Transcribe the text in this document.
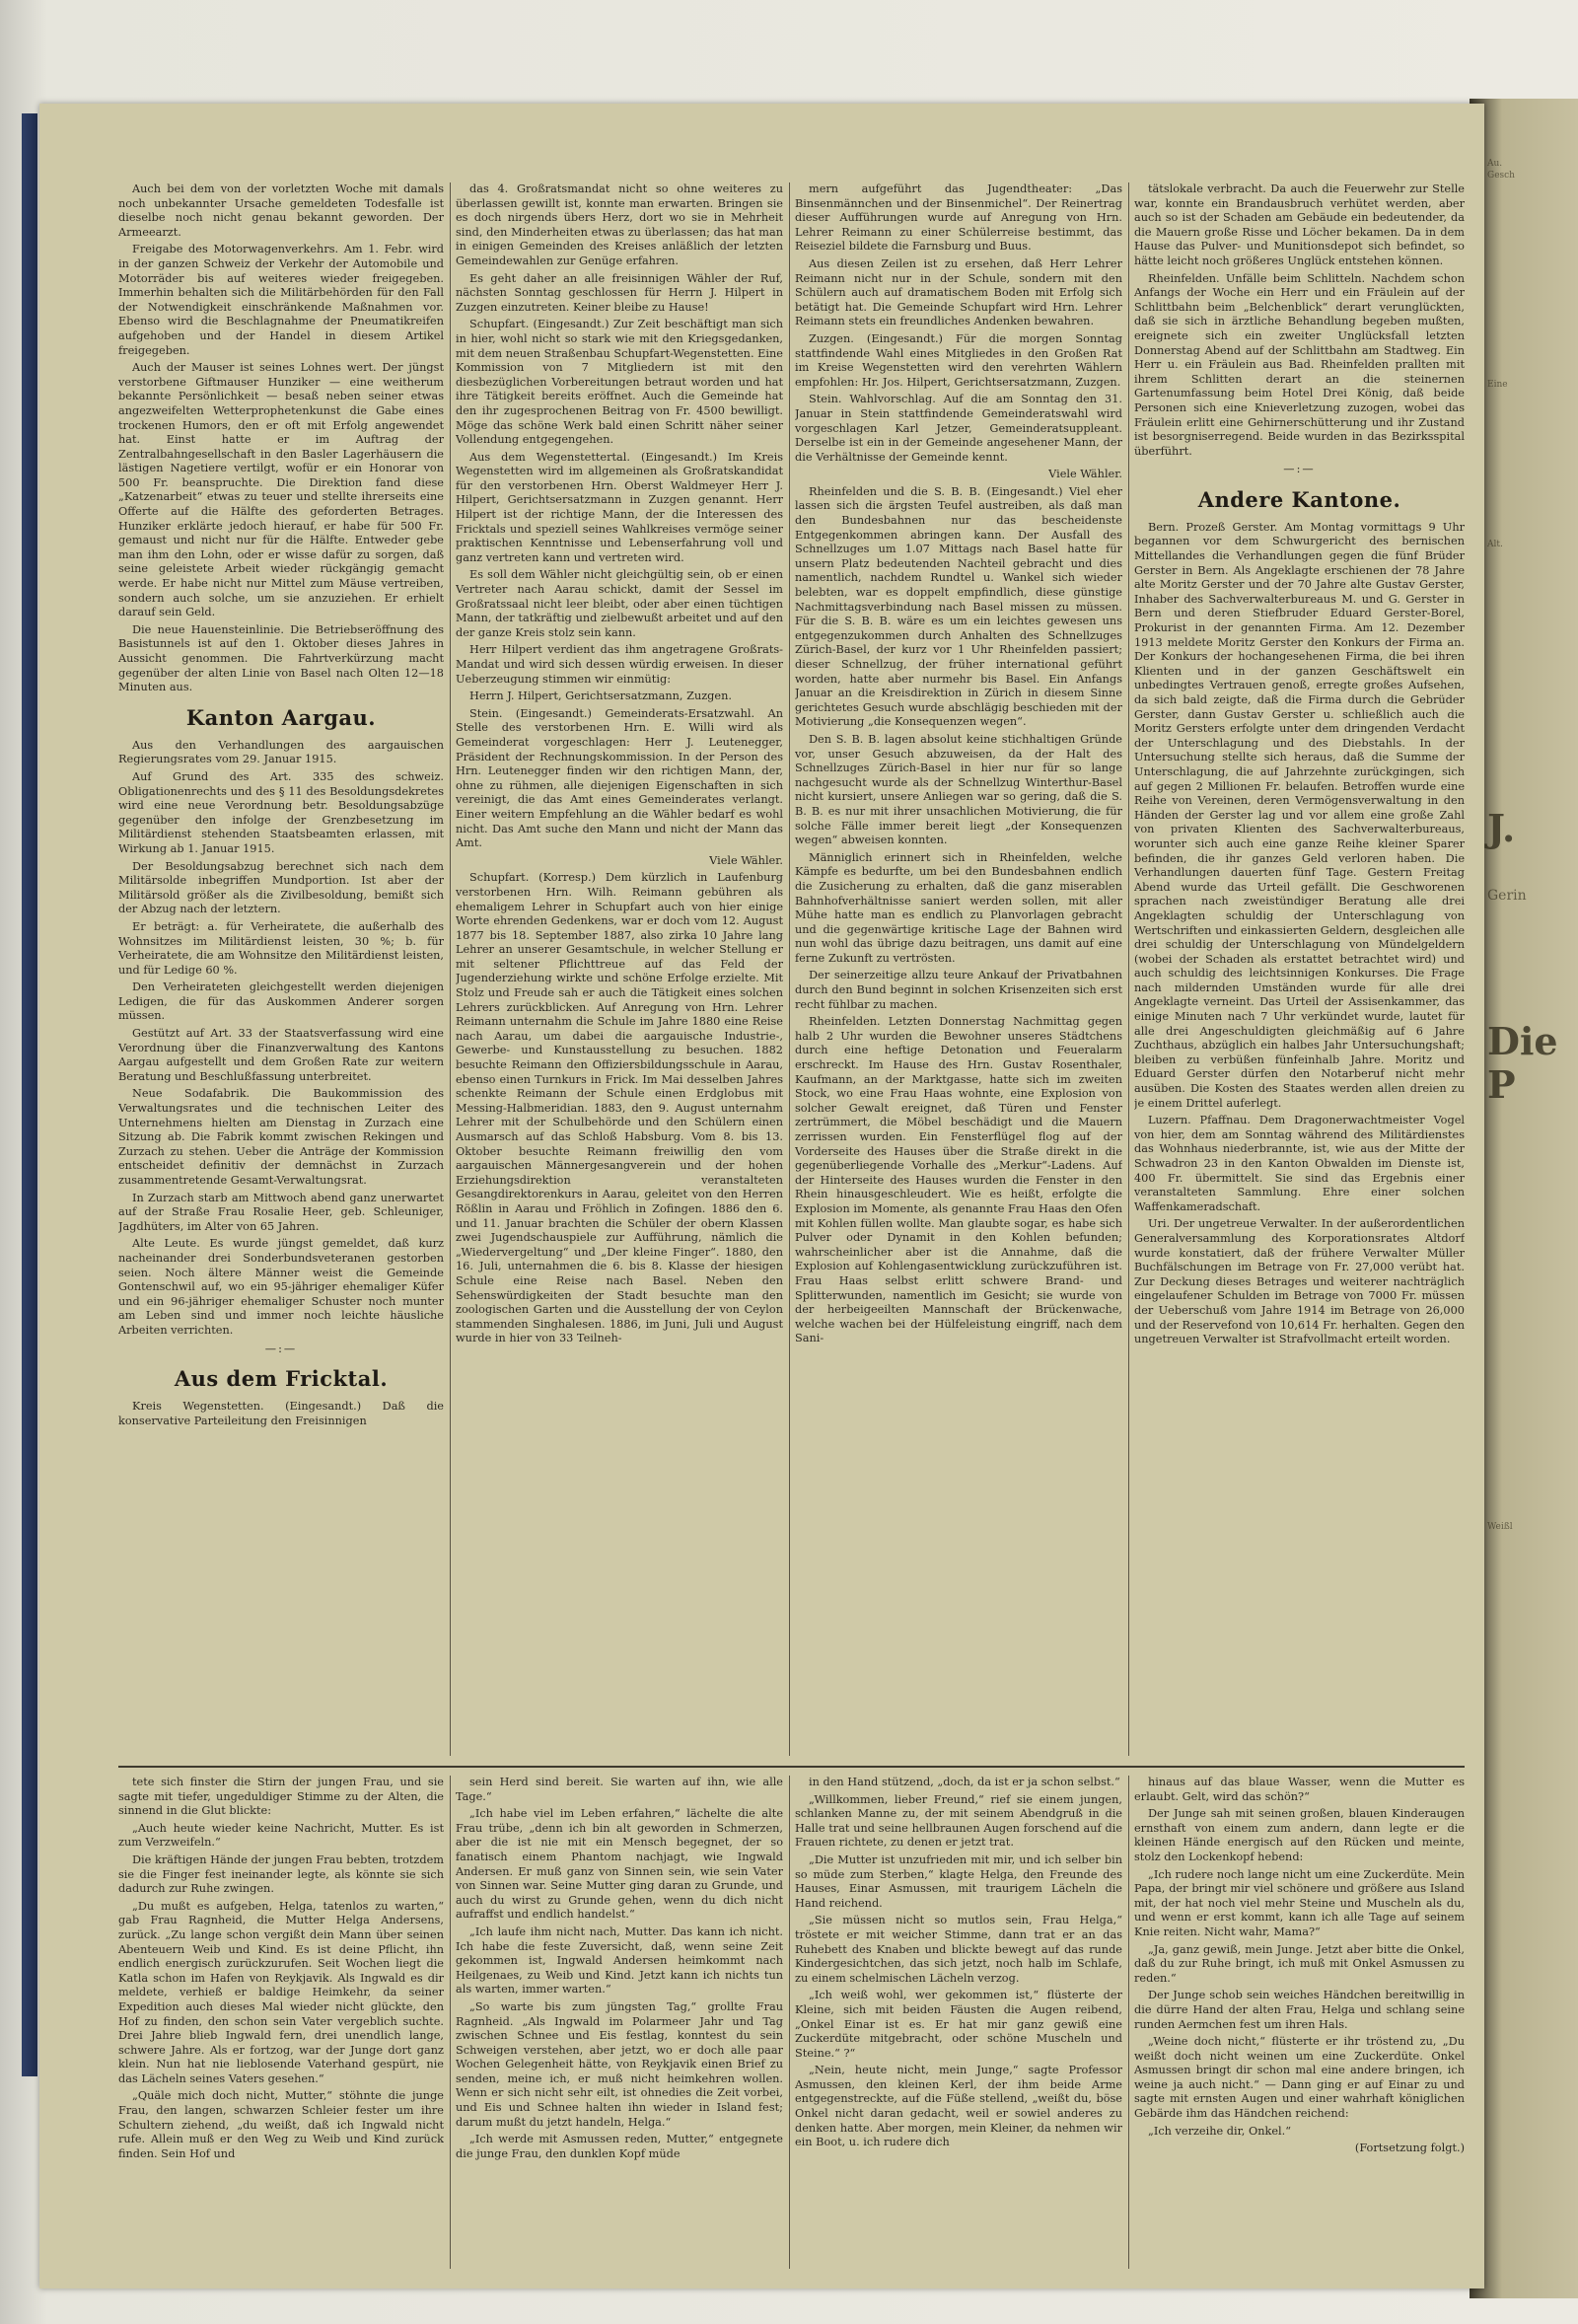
Au.

Gesch

Eine

Alt.

J.

Gerin

Die P

Weißl

Auch bei dem von der vorletzten Woche mit damals noch unbekannter Ursache gemeldeten Todesfalle ist dieselbe noch nicht genau bekannt geworden. Der Armeearzt.

Freigabe des Motorwagenverkehrs. Am 1. Febr. wird in der ganzen Schweiz der Verkehr der Automobile und Motorräder bis auf weiteres wieder freigegeben. Immerhin behalten sich die Militärbehörden für den Fall der Notwendigkeit einschränkende Maßnahmen vor. Ebenso wird die Beschlagnahme der Pneumatikreifen aufgehoben und der Handel in diesem Artikel freigegeben.

Auch der Mauser ist seines Lohnes wert. Der jüngst verstorbene Giftmauser Hunziker — eine weitherum bekannte Persönlichkeit — besaß neben seiner etwas angezweifelten Wetterprophetenkunst die Gabe eines trockenen Humors, den er oft mit Erfolg angewendet hat. Einst hatte er im Auftrag der Zentralbahngesellschaft in den Basler Lagerhäusern die lästigen Nagetiere vertilgt, wofür er ein Honorar von 500 Fr. beanspruchte. Die Direktion fand diese „Katzenarbeit“ etwas zu teuer und stellte ihrerseits eine Offerte auf die Hälfte des geforderten Betrages. Hunziker erklärte jedoch hierauf, er habe für 500 Fr. gemaust und nicht nur für die Hälfte. Entweder gebe man ihm den Lohn, oder er wisse dafür zu sorgen, daß seine geleistete Arbeit wieder rückgängig gemacht werde. Er habe nicht nur Mittel zum Mäuse vertreiben, sondern auch solche, um sie anzuziehen. Er erhielt darauf sein Geld.

Die neue Hauensteinlinie. Die Betriebseröffnung des Basistunnels ist auf den 1. Oktober dieses Jahres in Aussicht genommen. Die Fahrtverkürzung macht gegenüber der alten Linie von Basel nach Olten 12—18 Minuten aus.

Kanton Aargau.

Aus den Verhandlungen des aargauischen Regierungsrates vom 29. Januar 1915.

Auf Grund des Art. 335 des schweiz. Obligationenrechts und des § 11 des Besoldungsdekretes wird eine neue Verordnung betr. Besoldungsabzüge gegenüber den infolge der Grenzbesetzung im Militärdienst stehenden Staatsbeamten erlassen, mit Wirkung ab 1. Januar 1915.

Der Besoldungsabzug berechnet sich nach dem Militärsolde inbegriffen Mundportion. Ist aber der Militärsold größer als die Zivilbesoldung, bemißt sich der Abzug nach der letztern.

Er beträgt: a. für Verheiratete, die außerhalb des Wohnsitzes im Militärdienst leisten, 30 %; b. für Verheiratete, die am Wohnsitze den Militärdienst leisten, und für Ledige 60 %.

Den Verheirateten gleichgestellt werden diejenigen Ledigen, die für das Auskommen Anderer sorgen müssen.

Gestützt auf Art. 33 der Staatsverfassung wird eine Verordnung über die Finanzverwaltung des Kantons Aargau aufgestellt und dem Großen Rate zur weitern Beratung und Beschlußfassung unterbreitet.

Neue Sodafabrik. Die Baukommission des Verwaltungsrates und die technischen Leiter des Unternehmens hielten am Dienstag in Zurzach eine Sitzung ab. Die Fabrik kommt zwischen Rekingen und Zurzach zu stehen. Ueber die Anträge der Kommission entscheidet definitiv der demnächst in Zurzach zusammentretende Gesamt-Verwaltungsrat.

In Zurzach starb am Mittwoch abend ganz unerwartet auf der Straße Frau Rosalie Heer, geb. Schleuniger, Jagdhüters, im Alter von 65 Jahren.

Alte Leute. Es wurde jüngst gemeldet, daß kurz nacheinander drei Sonderbundsveteranen gestorben seien. Noch ältere Männer weist die Gemeinde Gontenschwil auf, wo ein 95-jähriger ehemaliger Küfer und ein 96-jähriger ehemaliger Schuster noch munter am Leben sind und immer noch leichte häusliche Arbeiten verrichten.

—:—
Aus dem Fricktal.

Kreis Wegenstetten. (Eingesandt.) Daß die konservative Parteileitung den Freisinnigen

das 4. Großratsmandat nicht so ohne weiteres zu überlassen gewillt ist, konnte man erwarten. Bringen sie es doch nirgends übers Herz, dort wo sie in Mehrheit sind, den Minderheiten etwas zu überlassen; das hat man in einigen Gemeinden des Kreises anläßlich der letzten Gemeindewahlen zur Genüge erfahren.

Es geht daher an alle freisinnigen Wähler der Ruf, nächsten Sonntag geschlossen für Herrn J. Hilpert in Zuzgen einzutreten. Keiner bleibe zu Hause!

Schupfart. (Eingesandt.) Zur Zeit beschäftigt man sich in hier, wohl nicht so stark wie mit den Kriegsgedanken, mit dem neuen Straßenbau Schupfart-Wegenstetten. Eine Kommission von 7 Mitgliedern ist mit den diesbezüglichen Vorbereitungen betraut worden und hat ihre Tätigkeit bereits eröffnet. Auch die Gemeinde hat den ihr zugesprochenen Beitrag von Fr. 4500 bewilligt. Möge das schöne Werk bald einen Schritt näher seiner Vollendung entgegengehen.

Aus dem Wegenstettertal. (Eingesandt.) Im Kreis Wegenstetten wird im allgemeinen als Großratskandidat für den verstorbenen Hrn. Oberst Waldmeyer Herr J. Hilpert, Gerichtsersatzmann in Zuzgen genannt. Herr Hilpert ist der richtige Mann, der die Interessen des Fricktals und speziell seines Wahlkreises vermöge seiner praktischen Kenntnisse und Lebenserfahrung voll und ganz vertreten kann und vertreten wird.

Es soll dem Wähler nicht gleichgültig sein, ob er einen Vertreter nach Aarau schickt, damit der Sessel im Großratssaal nicht leer bleibt, oder aber einen tüchtigen Mann, der tatkräftig und zielbewußt arbeitet und auf den der ganze Kreis stolz sein kann.

Herr Hilpert verdient das ihm angetragene Großrats-Mandat und wird sich dessen würdig erweisen. In dieser Ueberzeugung stimmen wir einmütig:

Herrn J. Hilpert, Gerichtsersatzmann, Zuzgen.

Stein. (Eingesandt.) Gemeinderats-Ersatzwahl. An Stelle des verstorbenen Hrn. E. Willi wird als Gemeinderat vorgeschlagen: Herr J. Leutenegger, Präsident der Rechnungskommission. In der Person des Hrn. Leutenegger finden wir den richtigen Mann, der, ohne zu rühmen, alle diejenigen Eigenschaften in sich vereinigt, die das Amt eines Gemeinderates verlangt. Einer weitern Empfehlung an die Wähler bedarf es wohl nicht. Das Amt suche den Mann und nicht der Mann das Amt.

Viele Wähler.

Schupfart. (Korresp.) Dem kürzlich in Laufenburg verstorbenen Hrn. Wilh. Reimann gebühren als ehemaligem Lehrer in Schupfart auch von hier einige Worte ehrenden Gedenkens, war er doch vom 12. August 1877 bis 18. September 1887, also zirka 10 Jahre lang Lehrer an unserer Gesamtschule, in welcher Stellung er mit seltener Pflichttreue auf das Feld der Jugenderziehung wirkte und schöne Erfolge erzielte. Mit Stolz und Freude sah er auch die Tätigkeit eines solchen Lehrers zurückblicken. Auf Anregung von Hrn. Lehrer Reimann unternahm die Schule im Jahre 1880 eine Reise nach Aarau, um dabei die aargauische Industrie-, Gewerbe- und Kunstausstellung zu besuchen. 1882 besuchte Reimann den Offiziersbildungsschule in Aarau, ebenso einen Turnkurs in Frick. Im Mai desselben Jahres schenkte Reimann der Schule einen Erdglobus mit Messing-Halbmeridian. 1883, den 9. August unternahm Lehrer mit der Schulbehörde und den Schülern einen Ausmarsch auf das Schloß Habsburg. Vom 8. bis 13. Oktober besuchte Reimann freiwillig den vom aargauischen Männergesangverein und der hohen Erziehungsdirektion veranstalteten Gesangdirektorenkurs in Aarau, geleitet von den Herren Rößlin in Aarau und Fröhlich in Zofingen. 1886 den 6. und 11. Januar brachten die Schüler der obern Klassen zwei Jugendschauspiele zur Aufführung, nämlich die „Wiedervergeltung“ und „Der kleine Finger“. 1880, den 16. Juli, unternahmen die 6. bis 8. Klasse der hiesigen Schule eine Reise nach Basel. Neben den Sehenswürdigkeiten der Stadt besuchte man den zoologischen Garten und die Ausstellung der von Ceylon stammenden Singhalesen. 1886, im Juni, Juli und August wurde in hier von 33 Teilneh-

mern aufgeführt das Jugendtheater: „Das Binsenmännchen und der Binsenmichel“. Der Reinertrag dieser Aufführungen wurde auf Anregung von Hrn. Lehrer Reimann zu einer Schülerreise bestimmt, das Reiseziel bildete die Farnsburg und Buus.

Aus diesen Zeilen ist zu ersehen, daß Herr Lehrer Reimann nicht nur in der Schule, sondern mit den Schülern auch auf dramatischem Boden mit Erfolg sich betätigt hat. Die Gemeinde Schupfart wird Hrn. Lehrer Reimann stets ein freundliches Andenken bewahren.

Zuzgen. (Eingesandt.) Für die morgen Sonntag stattfindende Wahl eines Mitgliedes in den Großen Rat im Kreise Wegenstetten wird den verehrten Wählern empfohlen: Hr. Jos. Hilpert, Gerichtsersatzmann, Zuzgen.

Stein. Wahlvorschlag. Auf die am Sonntag den 31. Januar in Stein stattfindende Gemeinderatswahl wird vorgeschlagen Karl Jetzer, Gemeinderatsuppleant. Derselbe ist ein in der Gemeinde angesehener Mann, der die Verhältnisse der Gemeinde kennt.

Viele Wähler.

Rheinfelden und die S. B. B. (Eingesandt.) Viel eher lassen sich die ärgsten Teufel austreiben, als daß man den Bundesbahnen nur das bescheidenste Entgegenkommen abringen kann. Der Ausfall des Schnellzuges um 1.07 Mittags nach Basel hatte für unsern Platz bedeutenden Nachteil gebracht und dies namentlich, nachdem Rundtel u. Wankel sich wieder belebten, war es doppelt empfindlich, diese günstige Nachmittagsverbindung nach Basel missen zu müssen. Für die S. B. B. wäre es um ein leichtes gewesen uns entgegenzukommen durch Anhalten des Schnellzuges Zürich-Basel, der kurz vor 1 Uhr Rheinfelden passiert; dieser Schnellzug, der früher international geführt worden, hatte aber nurmehr bis Basel. Ein Anfangs Januar an die Kreisdirektion in Zürich in diesem Sinne gerichtetes Gesuch wurde abschlägig beschieden mit der Motivierung „die Konsequenzen wegen“.

Den S. B. B. lagen absolut keine stichhaltigen Gründe vor, unser Gesuch abzuweisen, da der Halt des Schnellzuges Zürich-Basel in hier nur für so lange nachgesucht wurde als der Schnellzug Winterthur-Basel nicht kursiert, unsere Anliegen war so gering, daß die S. B. B. es nur mit ihrer unsachlichen Motivierung, die für solche Fälle immer bereit liegt „der Konsequenzen wegen“ abweisen konnten.

Männiglich erinnert sich in Rheinfelden, welche Kämpfe es bedurfte, um bei den Bundesbahnen endlich die Zusicherung zu erhalten, daß die ganz miserablen Bahnhofverhältnisse saniert werden sollen, mit aller Mühe hatte man es endlich zu Planvorlagen gebracht und die gegenwärtige kritische Lage der Bahnen wird nun wohl das übrige dazu beitragen, uns damit auf eine ferne Zukunft zu vertrösten.

Der seinerzeitige allzu teure Ankauf der Privatbahnen durch den Bund beginnt in solchen Krisenzeiten sich erst recht fühlbar zu machen.

Rheinfelden. Letzten Donnerstag Nachmittag gegen halb 2 Uhr wurden die Bewohner unseres Städtchens durch eine heftige Detonation und Feueralarm erschreckt. Im Hause des Hrn. Gustav Rosenthaler, Kaufmann, an der Marktgasse, hatte sich im zweiten Stock, wo eine Frau Haas wohnte, eine Explosion von solcher Gewalt ereignet, daß Türen und Fenster zertrümmert, die Möbel beschädigt und die Mauern zerrissen wurden. Ein Fensterflügel flog auf der Vorderseite des Hauses über die Straße direkt in die gegenüberliegende Vorhalle des „Merkur“-Ladens. Auf der Hinterseite des Hauses wurden die Fenster in den Rhein hinausgeschleudert. Wie es heißt, erfolgte die Explosion im Momente, als genannte Frau Haas den Ofen mit Kohlen füllen wollte. Man glaubte sogar, es habe sich Pulver oder Dynamit in den Kohlen befunden; wahrscheinlicher aber ist die Annahme, daß die Explosion auf Kohlengasentwicklung zurückzuführen ist. Frau Haas selbst erlitt schwere Brand- und Splitterwunden, namentlich im Gesicht; sie wurde von der herbeigeeilten Mannschaft der Brückenwache, welche wachen bei der Hülfeleistung eingriff, nach dem Sani-

tätslokale verbracht. Da auch die Feuerwehr zur Stelle war, konnte ein Brandausbruch verhütet werden, aber auch so ist der Schaden am Gebäude ein bedeutender, da die Mauern große Risse und Löcher bekamen. Da in dem Hause das Pulver- und Munitionsdepot sich befindet, so hätte leicht noch größeres Unglück entstehen können.

Rheinfelden. Unfälle beim Schlitteln. Nachdem schon Anfangs der Woche ein Herr und ein Fräulein auf der Schlittbahn beim „Belchenblick“ derart verunglückten, daß sie sich in ärztliche Behandlung begeben mußten, ereignete sich ein zweiter Unglücksfall letzten Donnerstag Abend auf der Schlittbahn am Stadtweg. Ein Herr u. ein Fräulein aus Bad. Rheinfelden prallten mit ihrem Schlitten derart an die steinernen Gartenumfassung beim Hotel Drei König, daß beide Personen sich eine Knieverletzung zuzogen, wobei das Fräulein erlitt eine Gehirnerschütterung und ihr Zustand ist besorgniserregend. Beide wurden in das Bezirksspital überführt.

—:—
Andere Kantone.

Bern. Prozeß Gerster. Am Montag vormittags 9 Uhr begannen vor dem Schwurgericht des bernischen Mittellandes die Verhandlungen gegen die fünf Brüder Gerster in Bern. Als Angeklagte erschienen der 78 Jahre alte Moritz Gerster und der 70 Jahre alte Gustav Gerster, Inhaber des Sachverwalterbureaus M. und G. Gerster in Bern und deren Stiefbruder Eduard Gerster-Borel, Prokurist in der genannten Firma. Am 12. Dezember 1913 meldete Moritz Gerster den Konkurs der Firma an. Der Konkurs der hochangesehenen Firma, die bei ihren Klienten und in der ganzen Geschäftswelt ein unbedingtes Vertrauen genoß, erregte großes Aufsehen, da sich bald zeigte, daß die Firma durch die Gebrüder Gerster, dann Gustav Gerster u. schließlich auch die Moritz Gersters erfolgte unter dem dringenden Verdacht der Unterschlagung und des Diebstahls. In der Untersuchung stellte sich heraus, daß die Summe der Unterschlagung, die auf Jahrzehnte zurückgingen, sich auf gegen 2 Millionen Fr. belaufen. Betroffen wurde eine Reihe von Vereinen, deren Vermögensverwaltung in den Händen der Gerster lag und vor allem eine große Zahl von privaten Klienten des Sachverwalterbureaus, worunter sich auch eine ganze Reihe kleiner Sparer befinden, die ihr ganzes Geld verloren haben. Die Verhandlungen dauerten fünf Tage. Gestern Freitag Abend wurde das Urteil gefällt. Die Geschworenen sprachen nach zweistündiger Beratung alle drei Angeklagten schuldig der Unterschlagung von Wertschriften und einkassierten Geldern, desgleichen alle drei schuldig der Unterschlagung von Mündelgeldern (wobei der Schaden als erstattet betrachtet wird) und auch schuldig des leichtsinnigen Konkurses. Die Frage nach mildernden Umständen wurde für alle drei Angeklagte verneint. Das Urteil der Assisenkammer, das einige Minuten nach 7 Uhr verkündet wurde, lautet für alle drei Angeschuldigten gleichmäßig auf 6 Jahre Zuchthaus, abzüglich ein halbes Jahr Untersuchungshaft; bleiben zu verbüßen fünfeinhalb Jahre. Moritz und Eduard Gerster dürfen den Notarberuf nicht mehr ausüben. Die Kosten des Staates werden allen dreien zu je einem Drittel auferlegt.

Luzern. Pfaffnau. Dem Dragonerwachtmeister Vogel von hier, dem am Sonntag während des Militärdienstes das Wohnhaus niederbrannte, ist, wie aus der Mitte der Schwadron 23 in den Kanton Obwalden im Dienste ist, 400 Fr. übermittelt. Sie sind das Ergebnis einer veranstalteten Sammlung. Ehre einer solchen Waffenkameradschaft.

Uri. Der ungetreue Verwalter. In der außerordentlichen Generalversammlung des Korporationsrates Altdorf wurde konstatiert, daß der frühere Verwalter Müller Buchfälschungen im Betrage von Fr. 27,000 verübt hat. Zur Deckung dieses Betrages und weiterer nachträglich eingelaufener Schulden im Betrage von 7000 Fr. müssen der Ueberschuß vom Jahre 1914 im Betrage von 26,000 und der Reservefond von 10,614 Fr. herhalten. Gegen den ungetreuen Verwalter ist Strafvollmacht erteilt worden.

tete sich finster die Stirn der jungen Frau, und sie sagte mit tiefer, ungeduldiger Stimme zu der Alten, die sinnend in die Glut blickte:

„Auch heute wieder keine Nachricht, Mutter. Es ist zum Verzweifeln.“

Die kräftigen Hände der jungen Frau bebten, trotzdem sie die Finger fest ineinander legte, als könnte sie sich dadurch zur Ruhe zwingen.

„Du mußt es aufgeben, Helga, tatenlos zu warten,“ gab Frau Ragnheid, die Mutter Helga Andersens, zurück. „Zu lange schon vergißt dein Mann über seinen Abenteuern Weib und Kind. Es ist deine Pflicht, ihn endlich energisch zurückzurufen. Seit Wochen liegt die Katla schon im Hafen von Reykjavik. Als Ingwald es dir meldete, verhieß er baldige Heimkehr, da seiner Expedition auch dieses Mal wieder nicht glückte, den Hof zu finden, den schon sein Vater vergeblich suchte. Drei Jahre blieb Ingwald fern, drei unendlich lange, schwere Jahre. Als er fortzog, war der Junge dort ganz klein. Nun hat nie lieblosende Vaterhand gespürt, nie das Lächeln seines Vaters gesehen.“

„Quäle mich doch nicht, Mutter,“ stöhnte die junge Frau, den langen, schwarzen Schleier fester um ihre Schultern ziehend, „du weißt, daß ich Ingwald nicht rufe. Allein muß er den Weg zu Weib und Kind zurück finden. Sein Hof und

sein Herd sind bereit. Sie warten auf ihn, wie alle Tage.“

„Ich habe viel im Leben erfahren,“ lächelte die alte Frau trübe, „denn ich bin alt geworden in Schmerzen, aber die ist nie mit ein Mensch begegnet, der so fanatisch einem Phantom nachjagt, wie Ingwald Andersen. Er muß ganz von Sinnen sein, wie sein Vater von Sinnen war. Seine Mutter ging daran zu Grunde, und auch du wirst zu Grunde gehen, wenn du dich nicht aufraffst und endlich handelst.“

„Ich laufe ihm nicht nach, Mutter. Das kann ich nicht. Ich habe die feste Zuversicht, daß, wenn seine Zeit gekommen ist, Ingwald Andersen heimkommt nach Heilgenaes, zu Weib und Kind. Jetzt kann ich nichts tun als warten, immer warten.“

„So warte bis zum jüngsten Tag,“ grollte Frau Ragnheid. „Als Ingwald im Polarmeer Jahr und Tag zwischen Schnee und Eis festlag, konntest du sein Schweigen verstehen, aber jetzt, wo er doch alle paar Wochen Gelegenheit hätte, von Reykjavik einen Brief zu senden, meine ich, er muß nicht heimkehren wollen. Wenn er sich nicht sehr eilt, ist ohnedies die Zeit vorbei, und Eis und Schnee halten ihn wieder in Island fest; darum mußt du jetzt handeln, Helga.“

„Ich werde mit Asmussen reden, Mutter,“ entgegnete die junge Frau, den dunklen Kopf müde

in den Hand stützend, „doch, da ist er ja schon selbst.“

„Willkommen, lieber Freund,“ rief sie einem jungen, schlanken Manne zu, der mit seinem Abendgruß in die Halle trat und seine hellbraunen Augen forschend auf die Frauen richtete, zu denen er jetzt trat.

„Die Mutter ist unzufrieden mit mir, und ich selber bin so müde zum Sterben,“ klagte Helga, den Freunde des Hauses, Einar Asmussen, mit traurigem Lächeln die Hand reichend.

„Sie müssen nicht so mutlos sein, Frau Helga,“ tröstete er mit weicher Stimme, dann trat er an das Ruhebett des Knaben und blickte bewegt auf das runde Kindergesichtchen, das sich jetzt, noch halb im Schlafe, zu einem schelmischen Lächeln verzog.

„Ich weiß wohl, wer gekommen ist,“ flüsterte der Kleine, sich mit beiden Fäusten die Augen reibend, „Onkel Einar ist es. Er hat mir ganz gewiß eine Zuckerdüte mitgebracht, oder schöne Muscheln und Steine.“ ?“

„Nein, heute nicht, mein Junge,“ sagte Professor Asmussen, den kleinen Kerl, der ihm beide Arme entgegenstreckte, auf die Füße stellend, „weißt du, böse Onkel nicht daran gedacht, weil er sowiel anderes zu denken hatte. Aber morgen, mein Kleiner, da nehmen wir ein Boot, u. ich rudere dich

hinaus auf das blaue Wasser, wenn die Mutter es erlaubt. Gelt, wird das schön?“

Der Junge sah mit seinen großen, blauen Kinderaugen ernsthaft von einem zum andern, dann legte er die kleinen Hände energisch auf den Rücken und meinte, stolz den Lockenkopf hebend:

„Ich rudere noch lange nicht um eine Zuckerdüte. Mein Papa, der bringt mir viel schönere und größere aus Island mit, der hat noch viel mehr Steine und Muscheln als du, und wenn er erst kommt, kann ich alle Tage auf seinem Knie reiten. Nicht wahr, Mama?“

„Ja, ganz gewiß, mein Junge. Jetzt aber bitte die Onkel, daß du zur Ruhe bringt, ich muß mit Onkel Asmussen zu reden.“

Der Junge schob sein weiches Händchen bereitwillig in die dürre Hand der alten Frau, Helga und schlang seine runden Aermchen fest um ihren Hals.

„Weine doch nicht,“ flüsterte er ihr tröstend zu, „Du weißt doch nicht weinen um eine Zuckerdüte. Onkel Asmussen bringt dir schon mal eine andere bringen, ich weine ja auch nicht.“ — Dann ging er auf Einar zu und sagte mit ernsten Augen und einer wahrhaft königlichen Gebärde ihm das Händchen reichend:

„Ich verzeihe dir, Onkel.“

(Fortsetzung folgt.)
